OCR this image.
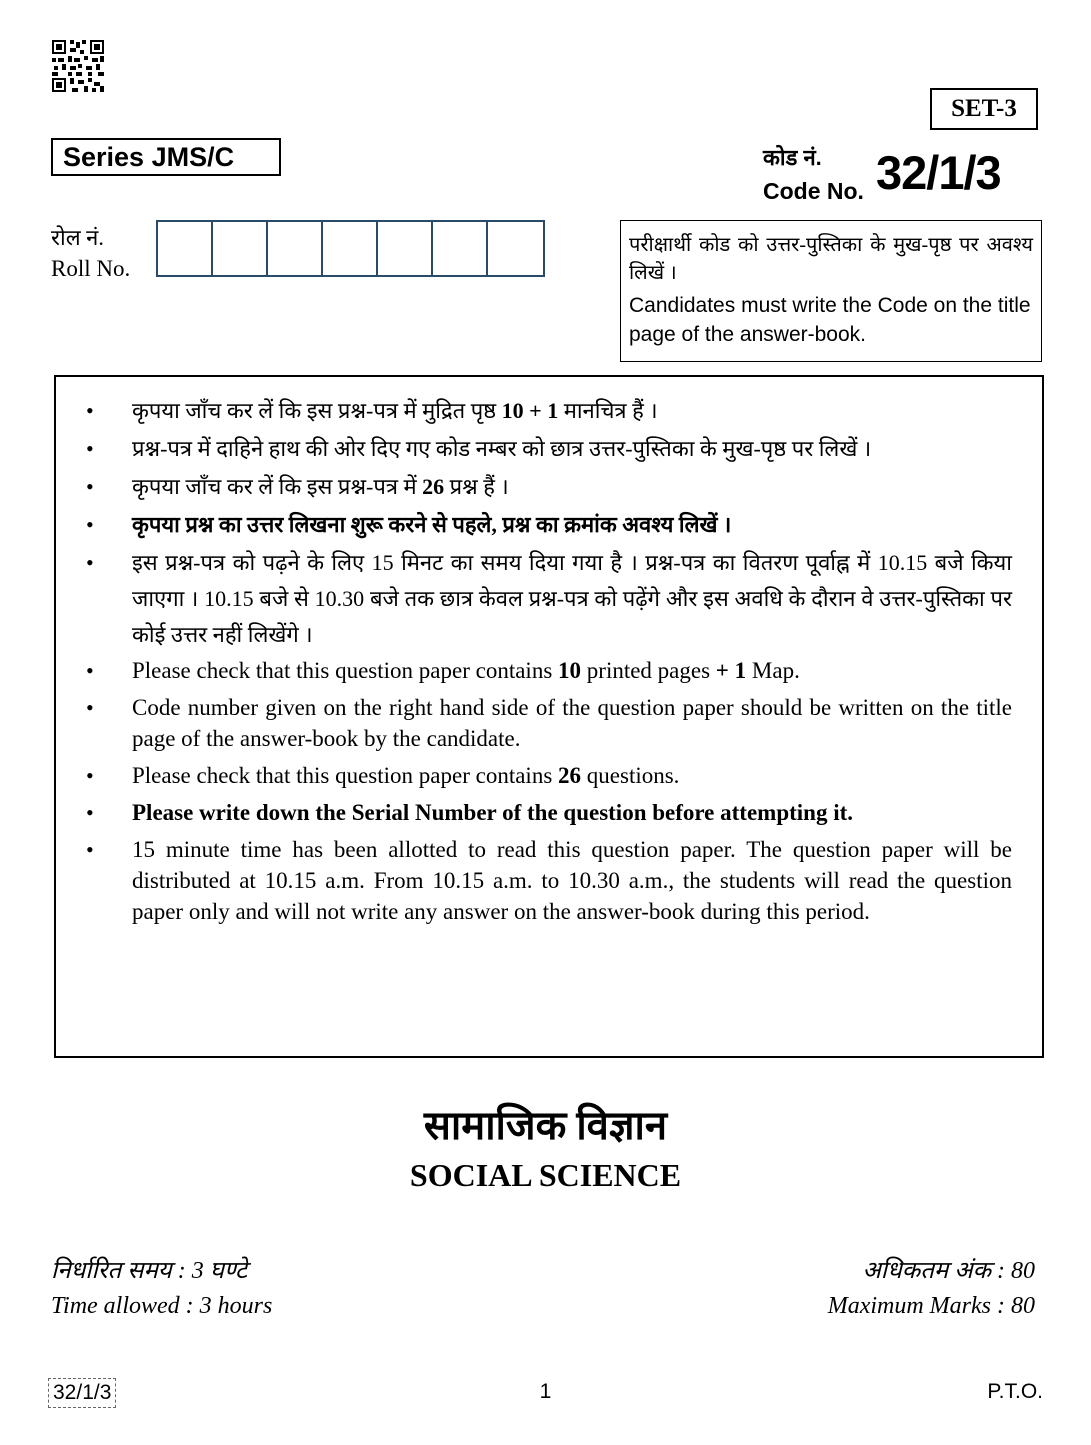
SET-3
Series JMS/C	कोड नं.
Code No. 32/1/3
रोल नं.
Roll No.
परीक्षार्थी कोड को उत्तर-पुस्तिका के मुख-पृष्ठ पर अवश्य लिखें ।
Candidates must write the Code on the title page of the answer-book.
• कृपया जाँच कर लें कि इस प्रश्न-पत्र में मुद्रित पृष्ठ 10 + 1 मानचित्र हैं ।
• प्रश्न-पत्र में दाहिने हाथ की ओर दिए गए कोड नम्बर को छात्र उत्तर-पुस्तिका के मुख-पृष्ठ पर लिखें ।
• कृपया जाँच कर लें कि इस प्रश्न-पत्र में 26 प्रश्न हैं ।
• कृपया प्रश्न का उत्तर लिखना शुरू करने से पहले, प्रश्न का क्रमांक अवश्य लिखें ।
• इस प्रश्न-पत्र को पढ़ने के लिए 15 मिनट का समय दिया गया है । प्रश्न-पत्र का वितरण पूर्वाह्न में 10.15 बजे किया जाएगा । 10.15 बजे से 10.30 बजे तक छात्र केवल प्रश्न-पत्र को पढ़ेंगे और इस अवधि के दौरान वे उत्तर-पुस्तिका पर कोई उत्तर नहीं लिखेंगे ।
• Please check that this question paper contains 10 printed pages + 1 Map.
• Code number given on the right hand side of the question paper should be written on the title page of the answer-book by the candidate.
• Please check that this question paper contains 26 questions.
• Please write down the Serial Number of the question before attempting it.
• 15 minute time has been allotted to read this question paper. The question paper will be distributed at 10.15 a.m. From 10.15 a.m. to 10.30 a.m., the students will read the question paper only and will not write any answer on the answer-book during this period.
सामाजिक विज्ञान
SOCIAL SCIENCE
निर्धारित समय : 3 घण्टे
Time allowed : 3 hours
अधिकतम अंक : 80
Maximum Marks : 80
32/1/3	1	P.T.O.
